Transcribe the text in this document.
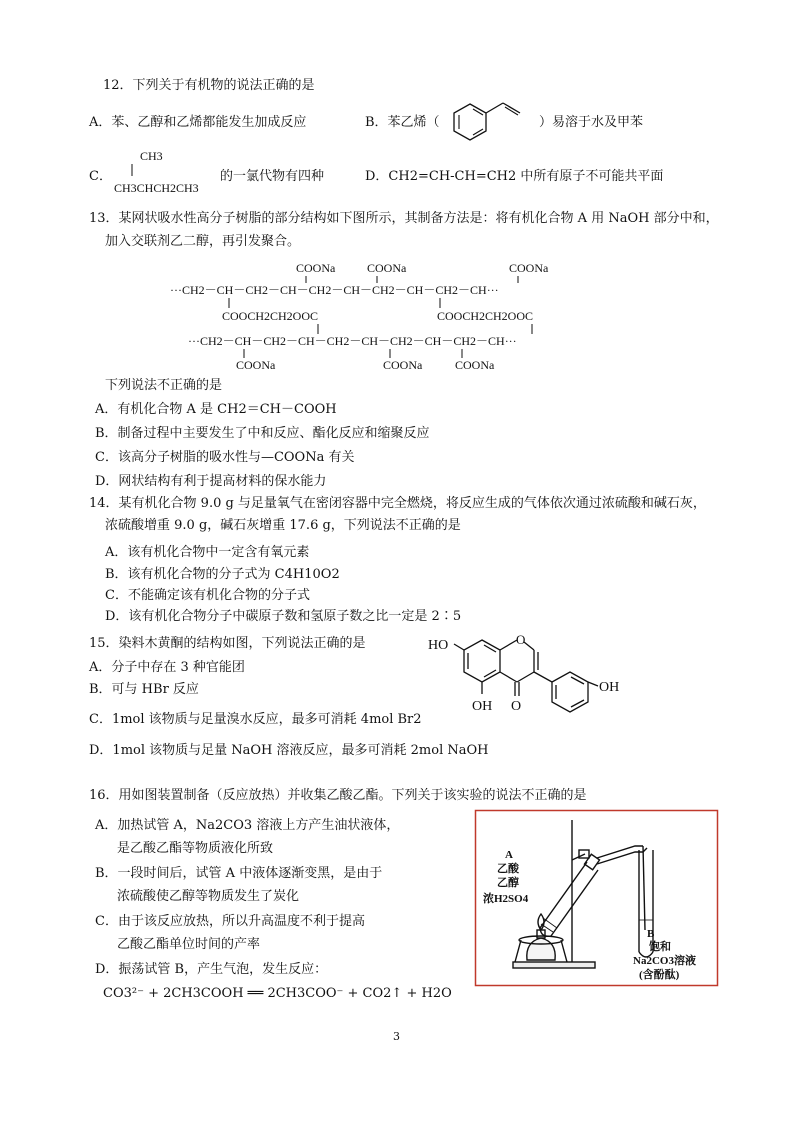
12．下列关于有机物的说法正确的是
A．苯、乙醇和乙烯都能发生加成反应	B．苯乙烯（	）易溶于水及甲苯
C．
CH3
CH3CHCH2CH3
的一氯代物有四种	D．CH2=CH-CH=CH2 中所有原子不可能共平面
13．某网状吸水性高分子树脂的部分结构如下图所示，其制备方法是：将有机化合物 A 用 NaOH 部分中和，
加入交联剂乙二醇，再引发聚合。
COONa	COONa	COONa
···CH2－CH－CH2－CH－CH2－CH－CH2－CH－CH2－CH···
COOCH2CH2OOC	COOCH2CH2OOC
···CH2－CH－CH2－CH－CH2－CH－CH2－CH－CH2－CH···
COONa	COONa	COONa
下列说法不正确的是
A．有机化合物 A 是 CH2＝CH－COOH
B．制备过程中主要发生了中和反应、酯化反应和缩聚反应
C．该高分子树脂的吸水性与—COONa 有关
D．网状结构有利于提高材料的保水能力
14．某有机化合物 9.0 g 与足量氧气在密闭容器中完全燃烧，将反应生成的气体依次通过浓硫酸和碱石灰，
浓硫酸增重 9.0 g，碱石灰增重 17.6 g，下列说法不正确的是
A．该有机化合物中一定含有氧元素
B．该有机化合物的分子式为 C4H10O2
C．不能确定该有机化合物的分子式
D．该有机化合物分子中碳原子数和氢原子数之比一定是 2∶5
15．染料木黄酮的结构如图，下列说法正确的是
A．分子中存在 3 种官能团
B．可与 HBr 反应
C．1mol 该物质与足量溴水反应，最多可消耗 4mol Br2
D．1mol 该物质与足量 NaOH 溶液反应，最多可消耗 2mol NaOH
HO	O
OH
OH O
16．用如图装置制备（反应放热）并收集乙酸乙酯。下列关于该实验的说法不正确的是
A．加热试管 A，Na2CO3 溶液上方产生油状液体，
是乙酸乙酯等物质液化所致
B．一段时间后，试管 A 中液体逐渐变黑，是由于
浓硫酸使乙醇等物质发生了炭化
C．由于该反应放热，所以升高温度不利于提高
乙酸乙酯单位时间的产率
D．振荡试管 B，产生气泡，发生反应：
CO3²⁻ + 2CH3COOH ══ 2CH3COO⁻ + CO2↑ + H2O
A
乙酸
乙醇
浓H2SO4
B
饱和
Na2CO3溶液
(含酚酞)
3
